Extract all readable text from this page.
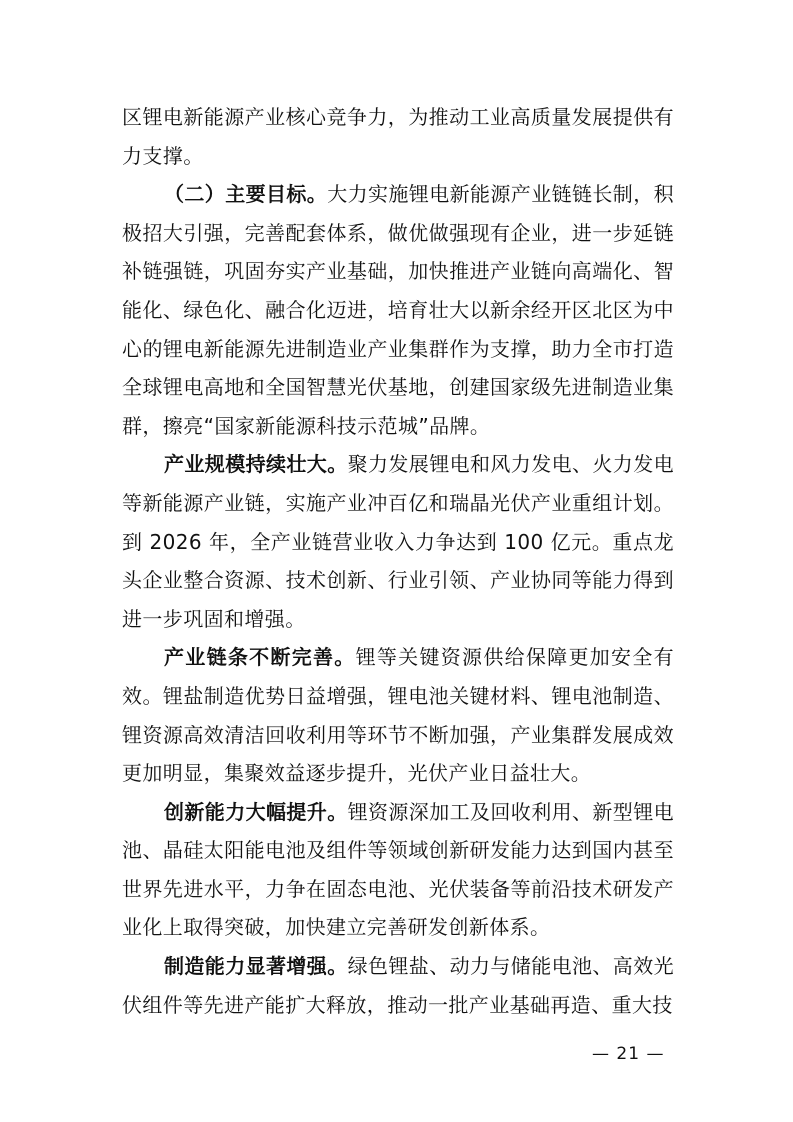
区锂电新能源产业核心竞争力，为推动工业高质量发展提供有力支撑。

（二）主要目标。大力实施锂电新能源产业链链长制，积极招大引强，完善配套体系，做优做强现有企业，进一步延链补链强链，巩固夯实产业基础，加快推进产业链向高端化、智能化、绿色化、融合化迈进，培育壮大以新余经开区北区为中心的锂电新能源先进制造业产业集群作为支撑，助力全市打造全球锂电高地和全国智慧光伏基地，创建国家级先进制造业集群，擦亮“国家新能源科技示范城”品牌。

产业规模持续壮大。聚力发展锂电和风力发电、火力发电等新能源产业链，实施产业冲百亿和瑞晶光伏产业重组计划。到 2026 年，全产业链营业收入力争达到 100 亿元。重点龙头企业整合资源、技术创新、行业引领、产业协同等能力得到进一步巩固和增强。

产业链条不断完善。锂等关键资源供给保障更加安全有效。锂盐制造优势日益增强，锂电池关键材料、锂电池制造、锂资源高效清洁回收利用等环节不断加强，产业集群发展成效更加明显，集聚效益逐步提升，光伏产业日益壮大。

创新能力大幅提升。锂资源深加工及回收利用、新型锂电池、晶硅太阳能电池及组件等领域创新研发能力达到国内甚至世界先进水平，力争在固态电池、光伏装备等前沿技术研发产业化上取得突破，加快建立完善研发创新体系。

制造能力显著增强。绿色锂盐、动力与储能电池、高效光伏组件等先进产能扩大释放，推动一批产业基础再造、重大技

— 21 —
